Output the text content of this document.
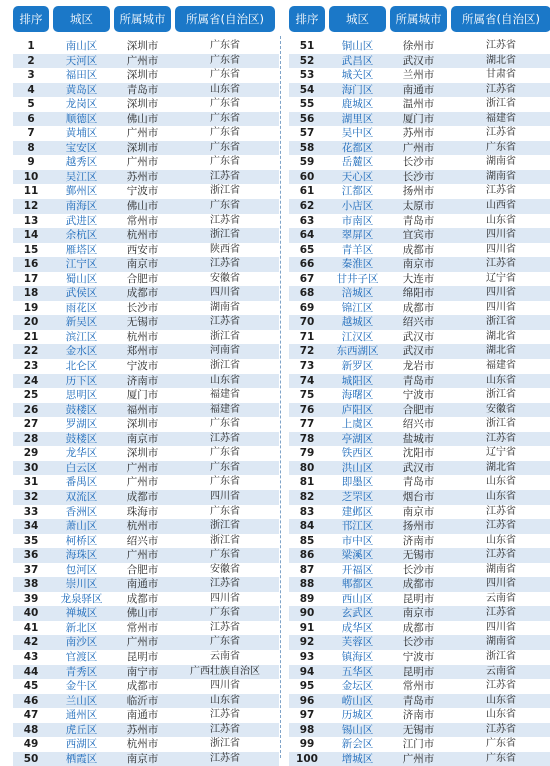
排序	城区	所属城市	所属省(自治区)
1	南山区	深圳市	广东省
2	天河区	广州市	广东省
3	福田区	深圳市	广东省
4	黄岛区	青岛市	山东省
5	龙岗区	深圳市	广东省
6	顺德区	佛山市	广东省
7	黄埔区	广州市	广东省
8	宝安区	深圳市	广东省
9	越秀区	广州市	广东省
10	吴江区	苏州市	江苏省
11	鄞州区	宁波市	浙江省
12	南海区	佛山市	广东省
13	武进区	常州市	江苏省
14	余杭区	杭州市	浙江省
15	雁塔区	西安市	陕西省
16	江宁区	南京市	江苏省
17	蜀山区	合肥市	安徽省
18	武侯区	成都市	四川省
19	雨花区	长沙市	湖南省
20	新吴区	无锡市	江苏省
21	滨江区	杭州市	浙江省
22	金水区	郑州市	河南省
23	北仑区	宁波市	浙江省
24	历下区	济南市	山东省
25	思明区	厦门市	福建省
26	鼓楼区	福州市	福建省
27	罗湖区	深圳市	广东省
28	鼓楼区	南京市	江苏省
29	龙华区	深圳市	广东省
30	白云区	广州市	广东省
31	番禺区	广州市	广东省
32	双流区	成都市	四川省
33	香洲区	珠海市	广东省
34	萧山区	杭州市	浙江省
35	柯桥区	绍兴市	浙江省
36	海珠区	广州市	广东省
37	包河区	合肥市	安徽省
38	崇川区	南通市	江苏省
39	龙泉驿区	成都市	四川省
40	禅城区	佛山市	广东省
41	新北区	常州市	江苏省
42	南沙区	广州市	广东省
43	官渡区	昆明市	云南省
44	青秀区	南宁市	广西壮族自治区
45	金牛区	成都市	四川省
46	兰山区	临沂市	山东省
47	通州区	南通市	江苏省
48	虎丘区	苏州市	江苏省
49	西湖区	杭州市	浙江省
50	栖霞区	南京市	江苏省
排序	城区	所属城市	所属省(自治区)
51	铜山区	徐州市	江苏省
52	武昌区	武汉市	湖北省
53	城关区	兰州市	甘肃省
54	海门区	南通市	江苏省
55	鹿城区	温州市	浙江省
56	湖里区	厦门市	福建省
57	吴中区	苏州市	江苏省
58	花都区	广州市	广东省
59	岳麓区	长沙市	湖南省
60	天心区	长沙市	湖南省
61	江都区	扬州市	江苏省
62	小店区	太原市	山西省
63	市南区	青岛市	山东省
64	翠屏区	宜宾市	四川省
65	青羊区	成都市	四川省
66	秦淮区	南京市	江苏省
67	甘井子区	大连市	辽宁省
68	涪城区	绵阳市	四川省
69	锦江区	成都市	四川省
70	越城区	绍兴市	浙江省
71	江汉区	武汉市	湖北省
72	东西湖区	武汉市	湖北省
73	新罗区	龙岩市	福建省
74	城阳区	青岛市	山东省
75	海曙区	宁波市	浙江省
76	庐阳区	合肥市	安徽省
77	上虞区	绍兴市	浙江省
78	亭湖区	盐城市	江苏省
79	铁西区	沈阳市	辽宁省
80	洪山区	武汉市	湖北省
81	即墨区	青岛市	山东省
82	芝罘区	烟台市	山东省
83	建邺区	南京市	江苏省
84	邗江区	扬州市	江苏省
85	市中区	济南市	山东省
86	梁溪区	无锡市	江苏省
87	开福区	长沙市	湖南省
88	郫都区	成都市	四川省
89	西山区	昆明市	云南省
90	玄武区	南京市	江苏省
91	成华区	成都市	四川省
92	芙蓉区	长沙市	湖南省
93	镇海区	宁波市	浙江省
94	五华区	昆明市	云南省
95	金坛区	常州市	江苏省
96	崂山区	青岛市	山东省
97	历城区	济南市	山东省
98	锡山区	无锡市	江苏省
99	新会区	江门市	广东省
100	增城区	广州市	广东省
